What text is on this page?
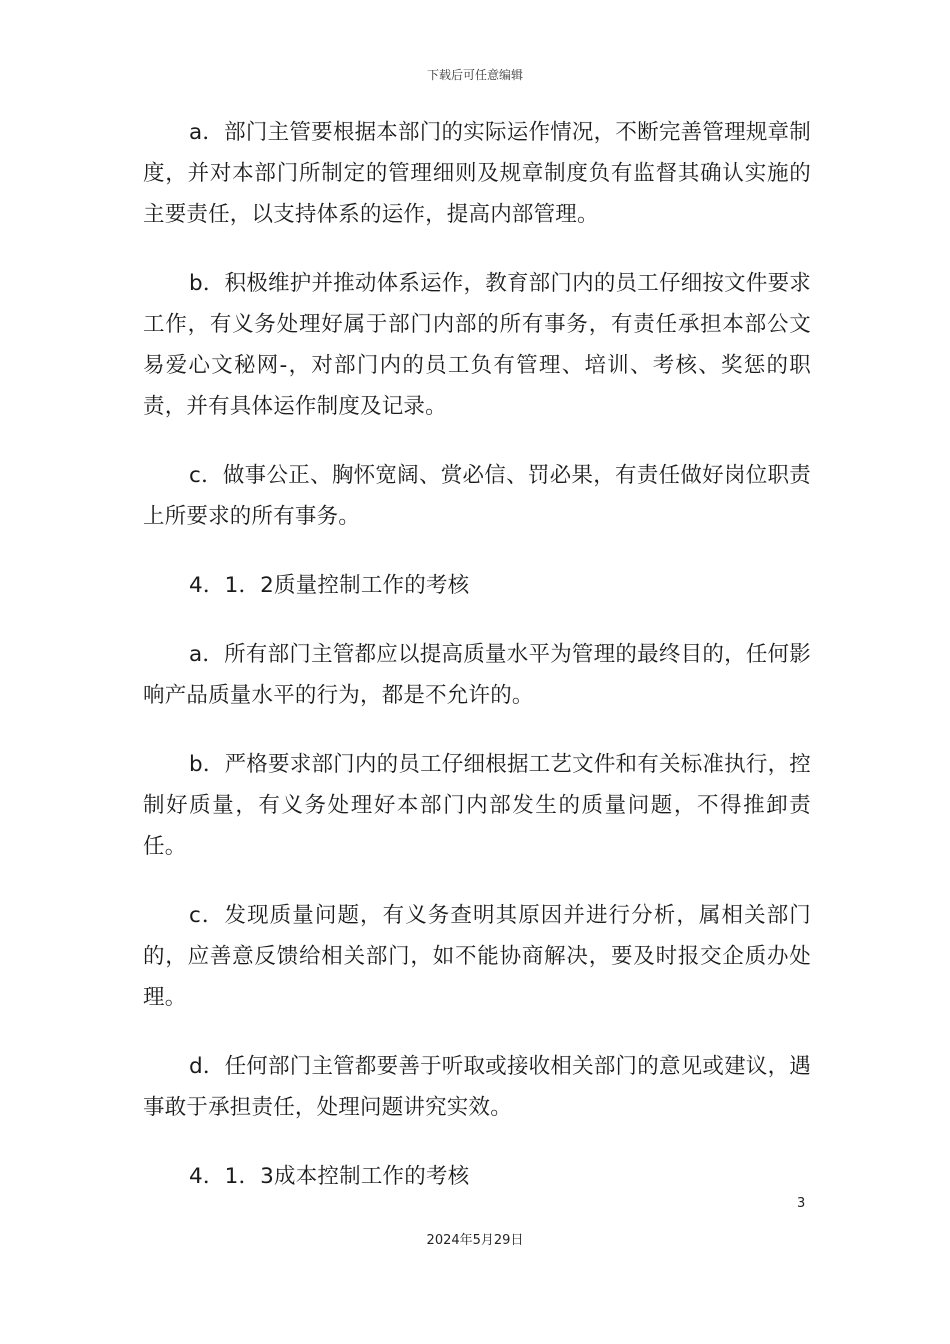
下载后可任意编辑

a．部门主管要根据本部门的实际运作情况，不断完善管理规章制度，并对本部门所制定的管理细则及规章制度负有监督其确认实施的主要责任，以支持体系的运作，提高内部管理。

b．积极维护并推动体系运作，教育部门内的员工仔细按文件要求工作，有义务处理好属于部门内部的所有事务，有责任承担本部公文易爱心文秘网-，对部门内的员工负有管理、培训、考核、奖惩的职责，并有具体运作制度及记录。

c．做事公正、胸怀宽阔、赏必信、罚必果，有责任做好岗位职责上所要求的所有事务。

4．1．2质量控制工作的考核

a．所有部门主管都应以提高质量水平为管理的最终目的，任何影响产品质量水平的行为，都是不允许的。

b．严格要求部门内的员工仔细根据工艺文件和有关标准执行，控制好质量，有义务处理好本部门内部发生的质量问题，不得推卸责任。

c．发现质量问题，有义务查明其原因并进行分析，属相关部门的，应善意反馈给相关部门，如不能协商解决，要及时报交企质办处理。

d．任何部门主管都要善于听取或接收相关部门的意见或建议，遇事敢于承担责任，处理问题讲究实效。

4．1．3成本控制工作的考核

3
2024年5月29日
